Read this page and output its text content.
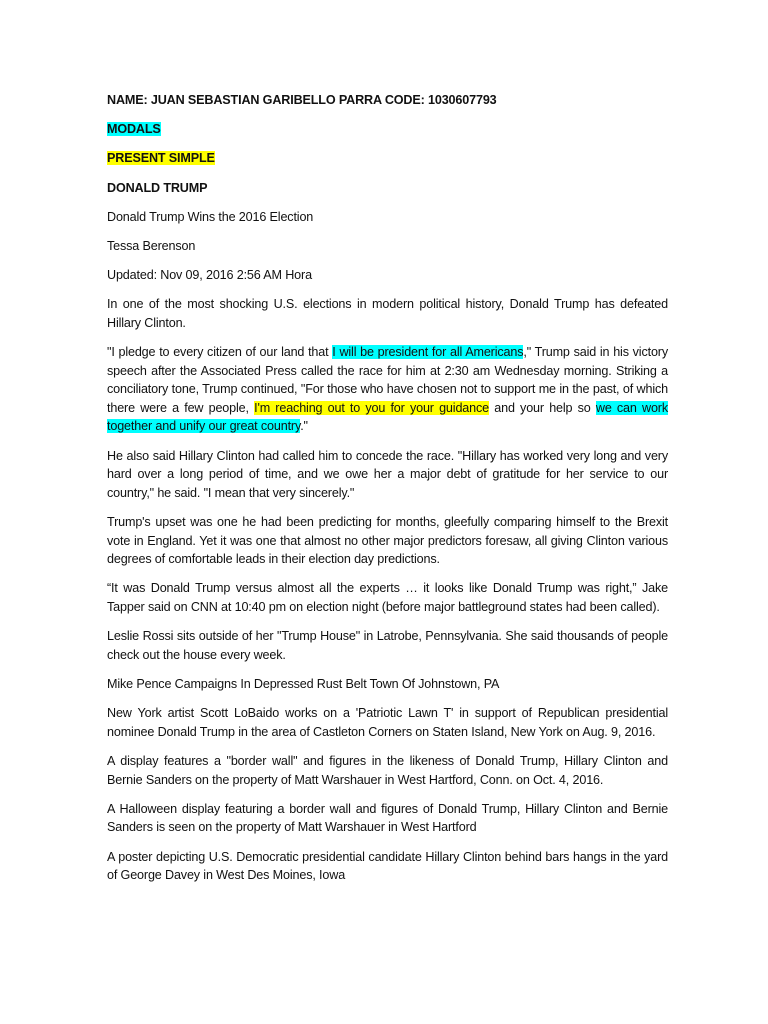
NAME: JUAN SEBASTIAN GARIBELLO PARRA CODE: 1030607793
MODALS
PRESENT SIMPLE
DONALD TRUMP
Donald Trump Wins the 2016 Election
Tessa Berenson
Updated: Nov 09, 2016 2:56 AM Hora

In one of the most shocking U.S. elections in modern political history, Donald Trump has defeated Hillary Clinton.

"I pledge to every citizen of our land that I will be president for all Americans," Trump said in his victory speech after the Associated Press called the race for him at 2:30 am Wednesday morning. Striking a conciliatory tone, Trump continued, "For those who have chosen not to support me in the past, of which there were a few people, I'm reaching out to you for your guidance and your help so we can work together and unify our great country."

He also said Hillary Clinton had called him to concede the race. "Hillary has worked very long and very hard over a long period of time, and we owe her a major debt of gratitude for her service to our country," he said. "I mean that very sincerely."

Trump's upset was one he had been predicting for months, gleefully comparing himself to the Brexit vote in England. Yet it was one that almost no other major predictors foresaw, all giving Clinton various degrees of comfortable leads in their election day predictions.

“It was Donald Trump versus almost all the experts … it looks like Donald Trump was right,” Jake Tapper said on CNN at 10:40 pm on election night (before major battleground states had been called).

Leslie Rossi sits outside of her "Trump House" in Latrobe, Pennsylvania. She said thousands of people check out the house every week.

Mike Pence Campaigns In Depressed Rust Belt Town Of Johnstown, PA

New York artist Scott LoBaido works on a 'Patriotic Lawn T' in support of Republican presidential nominee Donald Trump in the area of Castleton Corners on Staten Island, New York on Aug. 9, 2016.

A display features a "border wall" and figures in the likeness of Donald Trump, Hillary Clinton and Bernie Sanders on the property of Matt Warshauer in West Hartford, Conn. on Oct. 4, 2016.

A Halloween display featuring a border wall and figures of Donald Trump, Hillary Clinton and Bernie Sanders is seen on the property of Matt Warshauer in West Hartford

A poster depicting U.S. Democratic presidential candidate Hillary Clinton behind bars hangs in the yard of George Davey in West Des Moines, Iowa
